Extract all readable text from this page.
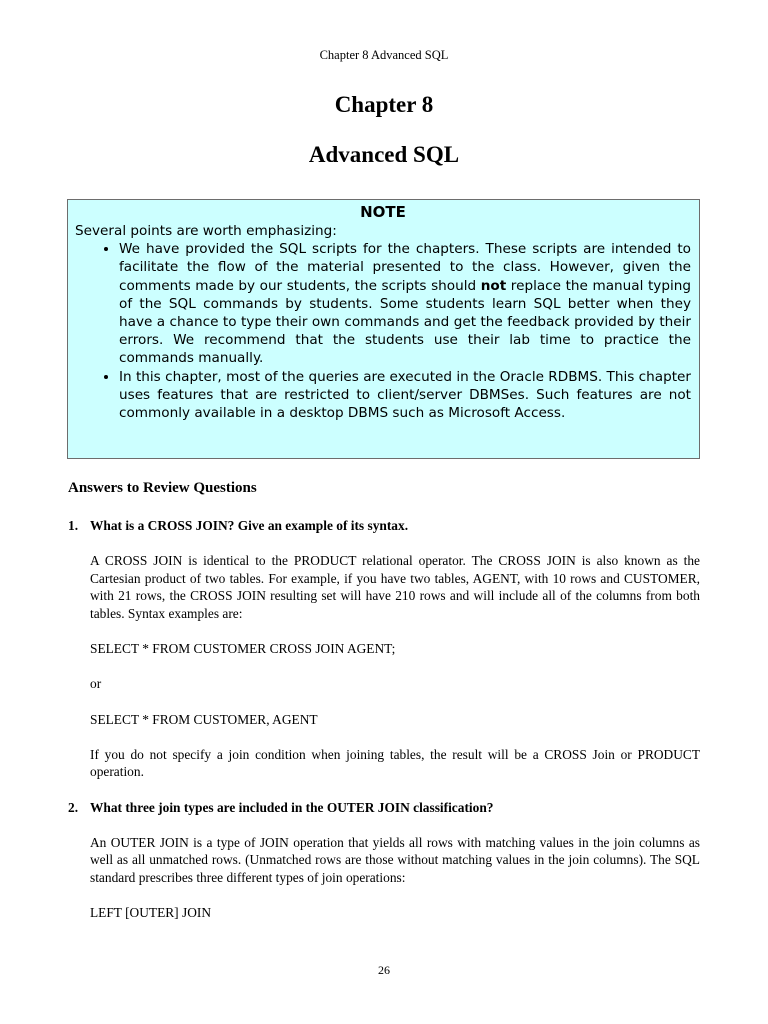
Chapter 8 Advanced SQL
Chapter 8
Advanced SQL
NOTE

Several points are worth emphasizing:

• We have provided the SQL scripts for the chapters. These scripts are intended to facilitate the flow of the material presented to the class. However, given the comments made by our students, the scripts should not replace the manual typing of the SQL commands by students. Some students learn SQL better when they have a chance to type their own commands and get the feedback provided by their errors. We recommend that the students use their lab time to practice the commands manually.
• In this chapter, most of the queries are executed in the Oracle RDBMS. This chapter uses features that are restricted to client/server DBMSes. Such features are not commonly available in a desktop DBMS such as Microsoft Access.
Answers to Review Questions
1. What is a CROSS JOIN? Give an example of its syntax.

A CROSS JOIN is identical to the PRODUCT relational operator. The CROSS JOIN is also known as the Cartesian product of two tables. For example, if you have two tables, AGENT, with 10 rows and CUSTOMER, with 21 rows, the CROSS JOIN resulting set will have 210 rows and will include all of the columns from both tables. Syntax examples are:

SELECT * FROM CUSTOMER CROSS JOIN AGENT;

or

SELECT * FROM CUSTOMER, AGENT

If you do not specify a join condition when joining tables, the result will be a CROSS Join or PRODUCT operation.

2. What three join types are included in the OUTER JOIN classification?

An OUTER JOIN is a type of JOIN operation that yields all rows with matching values in the join columns as well as all unmatched rows. (Unmatched rows are those without matching values in the join columns). The SQL standard prescribes three different types of join operations:

LEFT [OUTER] JOIN

26
